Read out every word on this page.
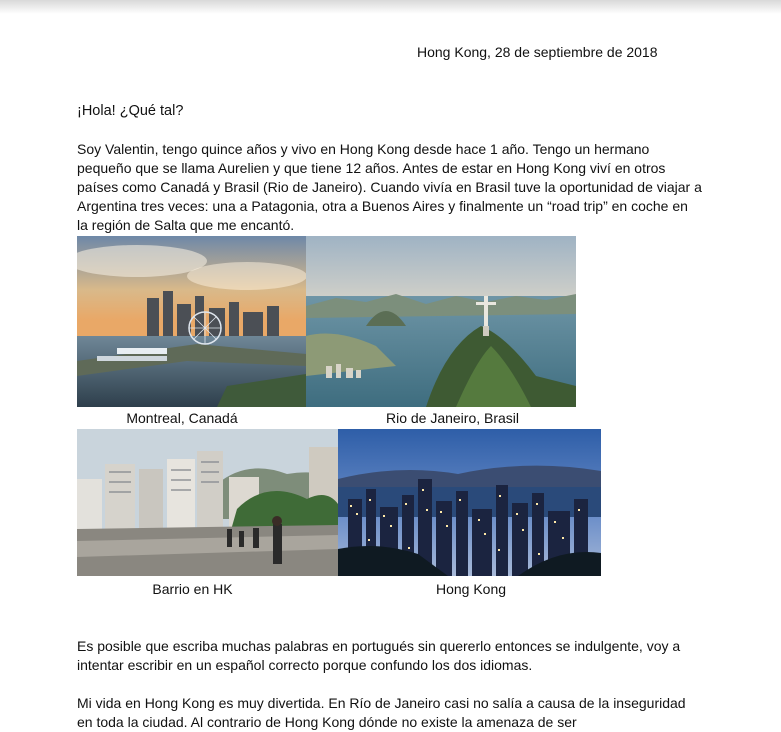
Hong Kong, 28 de septiembre de 2018
¡Hola! ¿Qué tal?
Soy Valentin, tengo quince años y vivo en Hong Kong desde hace 1 año. Tengo un hermano pequeño que se llama Aurelien y que tiene 12 años. Antes de estar en Hong Kong viví en otros países como Canadá y Brasil (Rio de Janeiro). Cuando vivía en Brasil tuve la oportunidad de viajar a Argentina tres veces: una a Patagonia, otra a Buenos Aires y finalmente un “road trip” en coche en la región de Salta que me encantó.
Montreal, Canadá	Rio de Janeiro, Brasil
Barrio en HK	Hong Kong
Es posible que escriba muchas palabras en portugués sin quererlo entonces se indulgente, voy a intentar escribir en un español correcto porque confundo los dos idiomas.
Mi vida en Hong Kong es muy divertida. En Río de Janeiro casi no salía a causa de la inseguridad en toda la ciudad. Al contrario de Hong Kong dónde no existe la amenaza de ser
